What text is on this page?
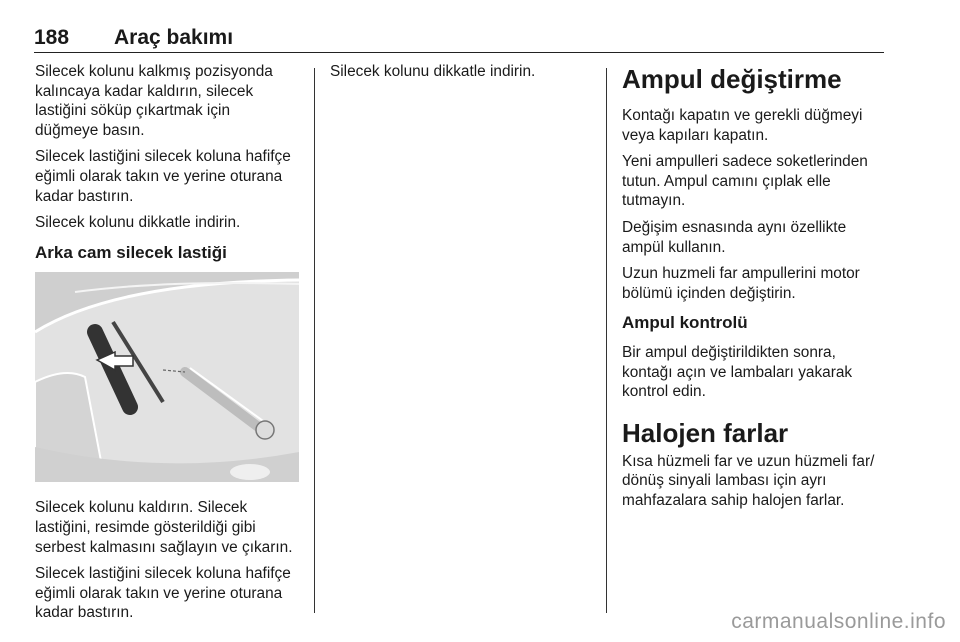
188 Araç bakımı

Silecek kolunu kalkmış pozisyonda
kalıncaya kadar kaldırın, silecek
lastiğini söküp çıkartmak için
düğmeye basın.

Silecek lastiğini silecek koluna hafifçe
eğimli olarak takın ve yerine oturana
kadar bastırın.

Silecek kolunu dikkatle indirin.

Arka cam silecek lastiği

Silecek kolunu kaldırın. Silecek
lastiğini, resimde gösterildiği gibi
serbest kalmasını sağlayın ve çıkarın.

Silecek lastiğini silecek koluna hafifçe
eğimli olarak takın ve yerine oturana
kadar bastırın.

Silecek kolunu dikkatle indirin.	Ampul değiştirme

Kontağı kapatın ve gerekli düğmeyi
veya kapıları kapatın.

Yeni ampulleri sadece soketlerinden
tutun. Ampul camını çıplak elle
tutmayın.

Değişim esnasında aynı özellikte
ampül kullanın.

Uzun huzmeli far ampullerini motor
bölümü içinden değiştirin.

Ampul kontrolü

Bir ampul değiştirildikten sonra,
kontağı açın ve lambaları yakarak
kontrol edin.

Halojen farlar

Kısa hüzmeli far ve uzun hüzmeli far/
dönüş sinyali lambası için ayrı
mahfazalara sahip halojen farlar.

carmanualsonline.info
